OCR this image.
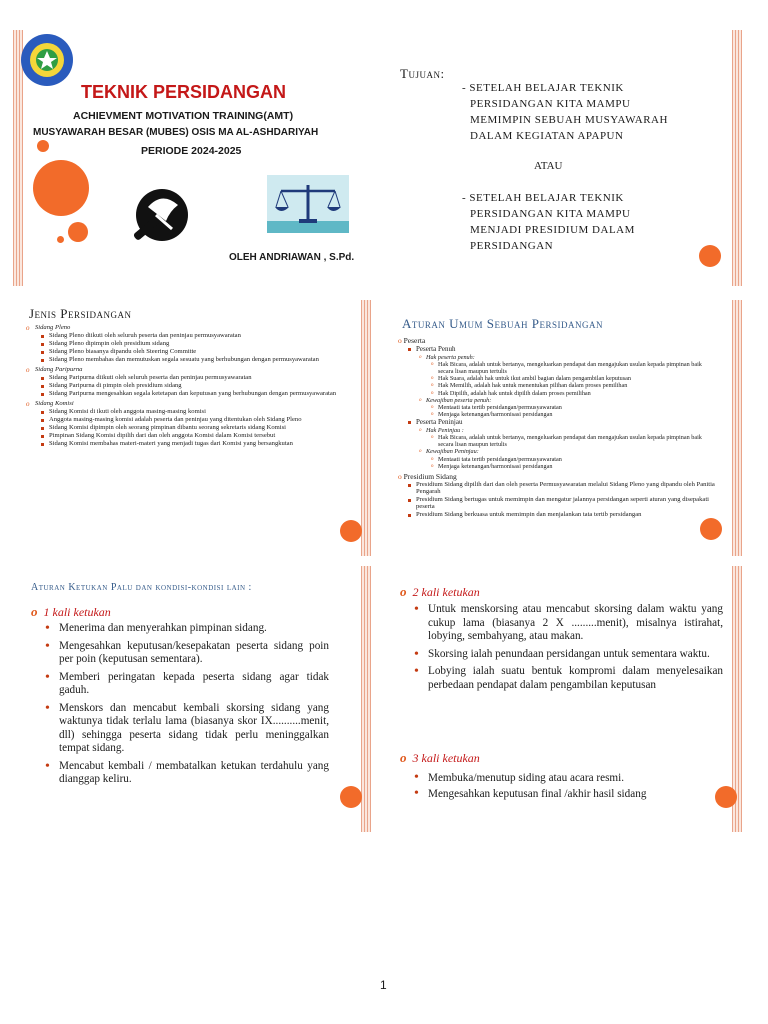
TEKNIK PERSIDANGAN
ACHIEVMENT MOTIVATION TRAINING(AMT)
MUSYAWARAH BESAR (MUBES) OSIS MA AL-ASHDARIYAH
PERIODE 2024-2025
OLEH ANDRIAWAN , S.Pd.
Tujuan:
- SETELAH BELAJAR TEKNIK
PERSIDANGAN KITA MAMPU
MEMIMPIN SEBUAH MUSYAWARAH
DALAM KEGIATAN APAPUN
ATAU
- SETELAH BELAJAR TEKNIK
PERSIDANGAN KITA MAMPU
MENJADI PRESIDIUM DALAM
PERSIDANGAN
Jenis Persidangan
o Sidang Pleno
Sidang Pleno diikuti oleh seluruh peserta dan peninjau permusyawaratan
Sidang Pleno dipimpin oleh presidium sidang
Sidang Pleno biasanya dipandu oleh Steering Committe
Sidang Pleno membahas dan memutuskan segala sesuatu yang berhubungan dengan permusyawaratan
o Sidang Paripurna
Sidang Paripurna diikuti oleh seluruh peserta dan peninjau permusyawaratan
Sidang Paripurna di pimpin oleh presidium sidang
Sidang Paripurna mengesahkan segala ketetapan dan keputusan yang berhubungan dengan permusyawaratan
o Sidang Komisi
Sidang Komisi di ikuti oleh anggota masing-masing komisi
Anggota masing-masing komisi adalah peserta dan peninjau yang ditentukan oleh Sidang Pleno
Sidang Komisi dipimpin oleh seorang pimpinan dibantu seorang sekretaris sidang Komisi
Pimpinan Sidang Komisi dipilih dari dan oleh anggota Komisi dalam Komisi tersebut
Sidang Komisi membahas materi-materi yang menjadi tugas dari Komisi yang bersangkutan
Aturan Umum Sebuah Persidangan
o Peserta
Peserta Penuh
o Hak peserta penuh:
o Hak Bicara, adalah untuk bertanya, mengeluarkan pendapat dan mengajukan usulan kepada pimpinan baik secara lisan maupun tertulis
o Hak Suara, adalah hak untuk ikut ambil bagian dalam pengambilan keputusan
o Hak Memilih, adalah hak untuk menentukan pilihan dalam proses pemilihan
o Hak Dipilih, adalah hak untuk dipilih dalam proses pemilihan
o Kewajiban peserta penuh:
o Mentaati tata tertib persidangan/permusyawaratan
o Menjaga ketenangan/harmonisasi persidangan
Peserta Peninjau
o Hak Peninjau :
o Hak Bicara, adalah untuk bertanya, mengeluarkan pendapat dan mengajukan usulan kepada pimpinan baik secara lisan maupun tertulis
o Kewajiban Peninjau:
o Mentaati tata tertib persidangan/permusyawaratan
o Menjaga ketenangan/harmonisasi persidangan
o Presidium Sidang
Presidium Sidang dipilih dari dan oleh peserta Permusyawaratan melalui Sidang Pleno yang dipandu oleh Panitia Pengarah
Presidium Sidang bertugas untuk memimpin dan mengatur jalannya persidangan seperti aturan yang disepakati peserta
Presidium Sidang berkuasa untuk memimpin dan menjalankan tata tertib persidangan
Aturan Ketukan Palu dan kondisi-kondisi lain :
o 1 kali ketukan
• Menerima dan menyerahkan pimpinan sidang.
• Mengesahkan keputusan/kesepakatan peserta sidang poin per poin (keputusan sementara).
• Memberi peringatan kepada peserta sidang agar tidak gaduh.
• Menskors dan mencabut kembali skorsing sidang yang waktunya tidak terlalu lama (biasanya skor IX..........menit, dll) sehingga peserta sidang tidak perlu meninggalkan tempat sidang.
• Mencabut kembali / membatalkan ketukan terdahulu yang dianggap keliru.
o 2 kali ketukan
• Untuk menskorsing atau mencabut skorsing dalam waktu yang cukup lama (biasanya 2 X .........menit), misalnya istirahat, lobying, sembahyang, atau makan.
• Skorsing ialah penundaan persidangan untuk sementara waktu.
• Lobying ialah suatu bentuk kompromi dalam menyelesaikan perbedaan pendapat dalam pengambilan keputusan
o 3 kali ketukan
• Membuka/menutup siding atau acara resmi.
• Mengesahkan keputusan final /akhir hasil sidang
1
